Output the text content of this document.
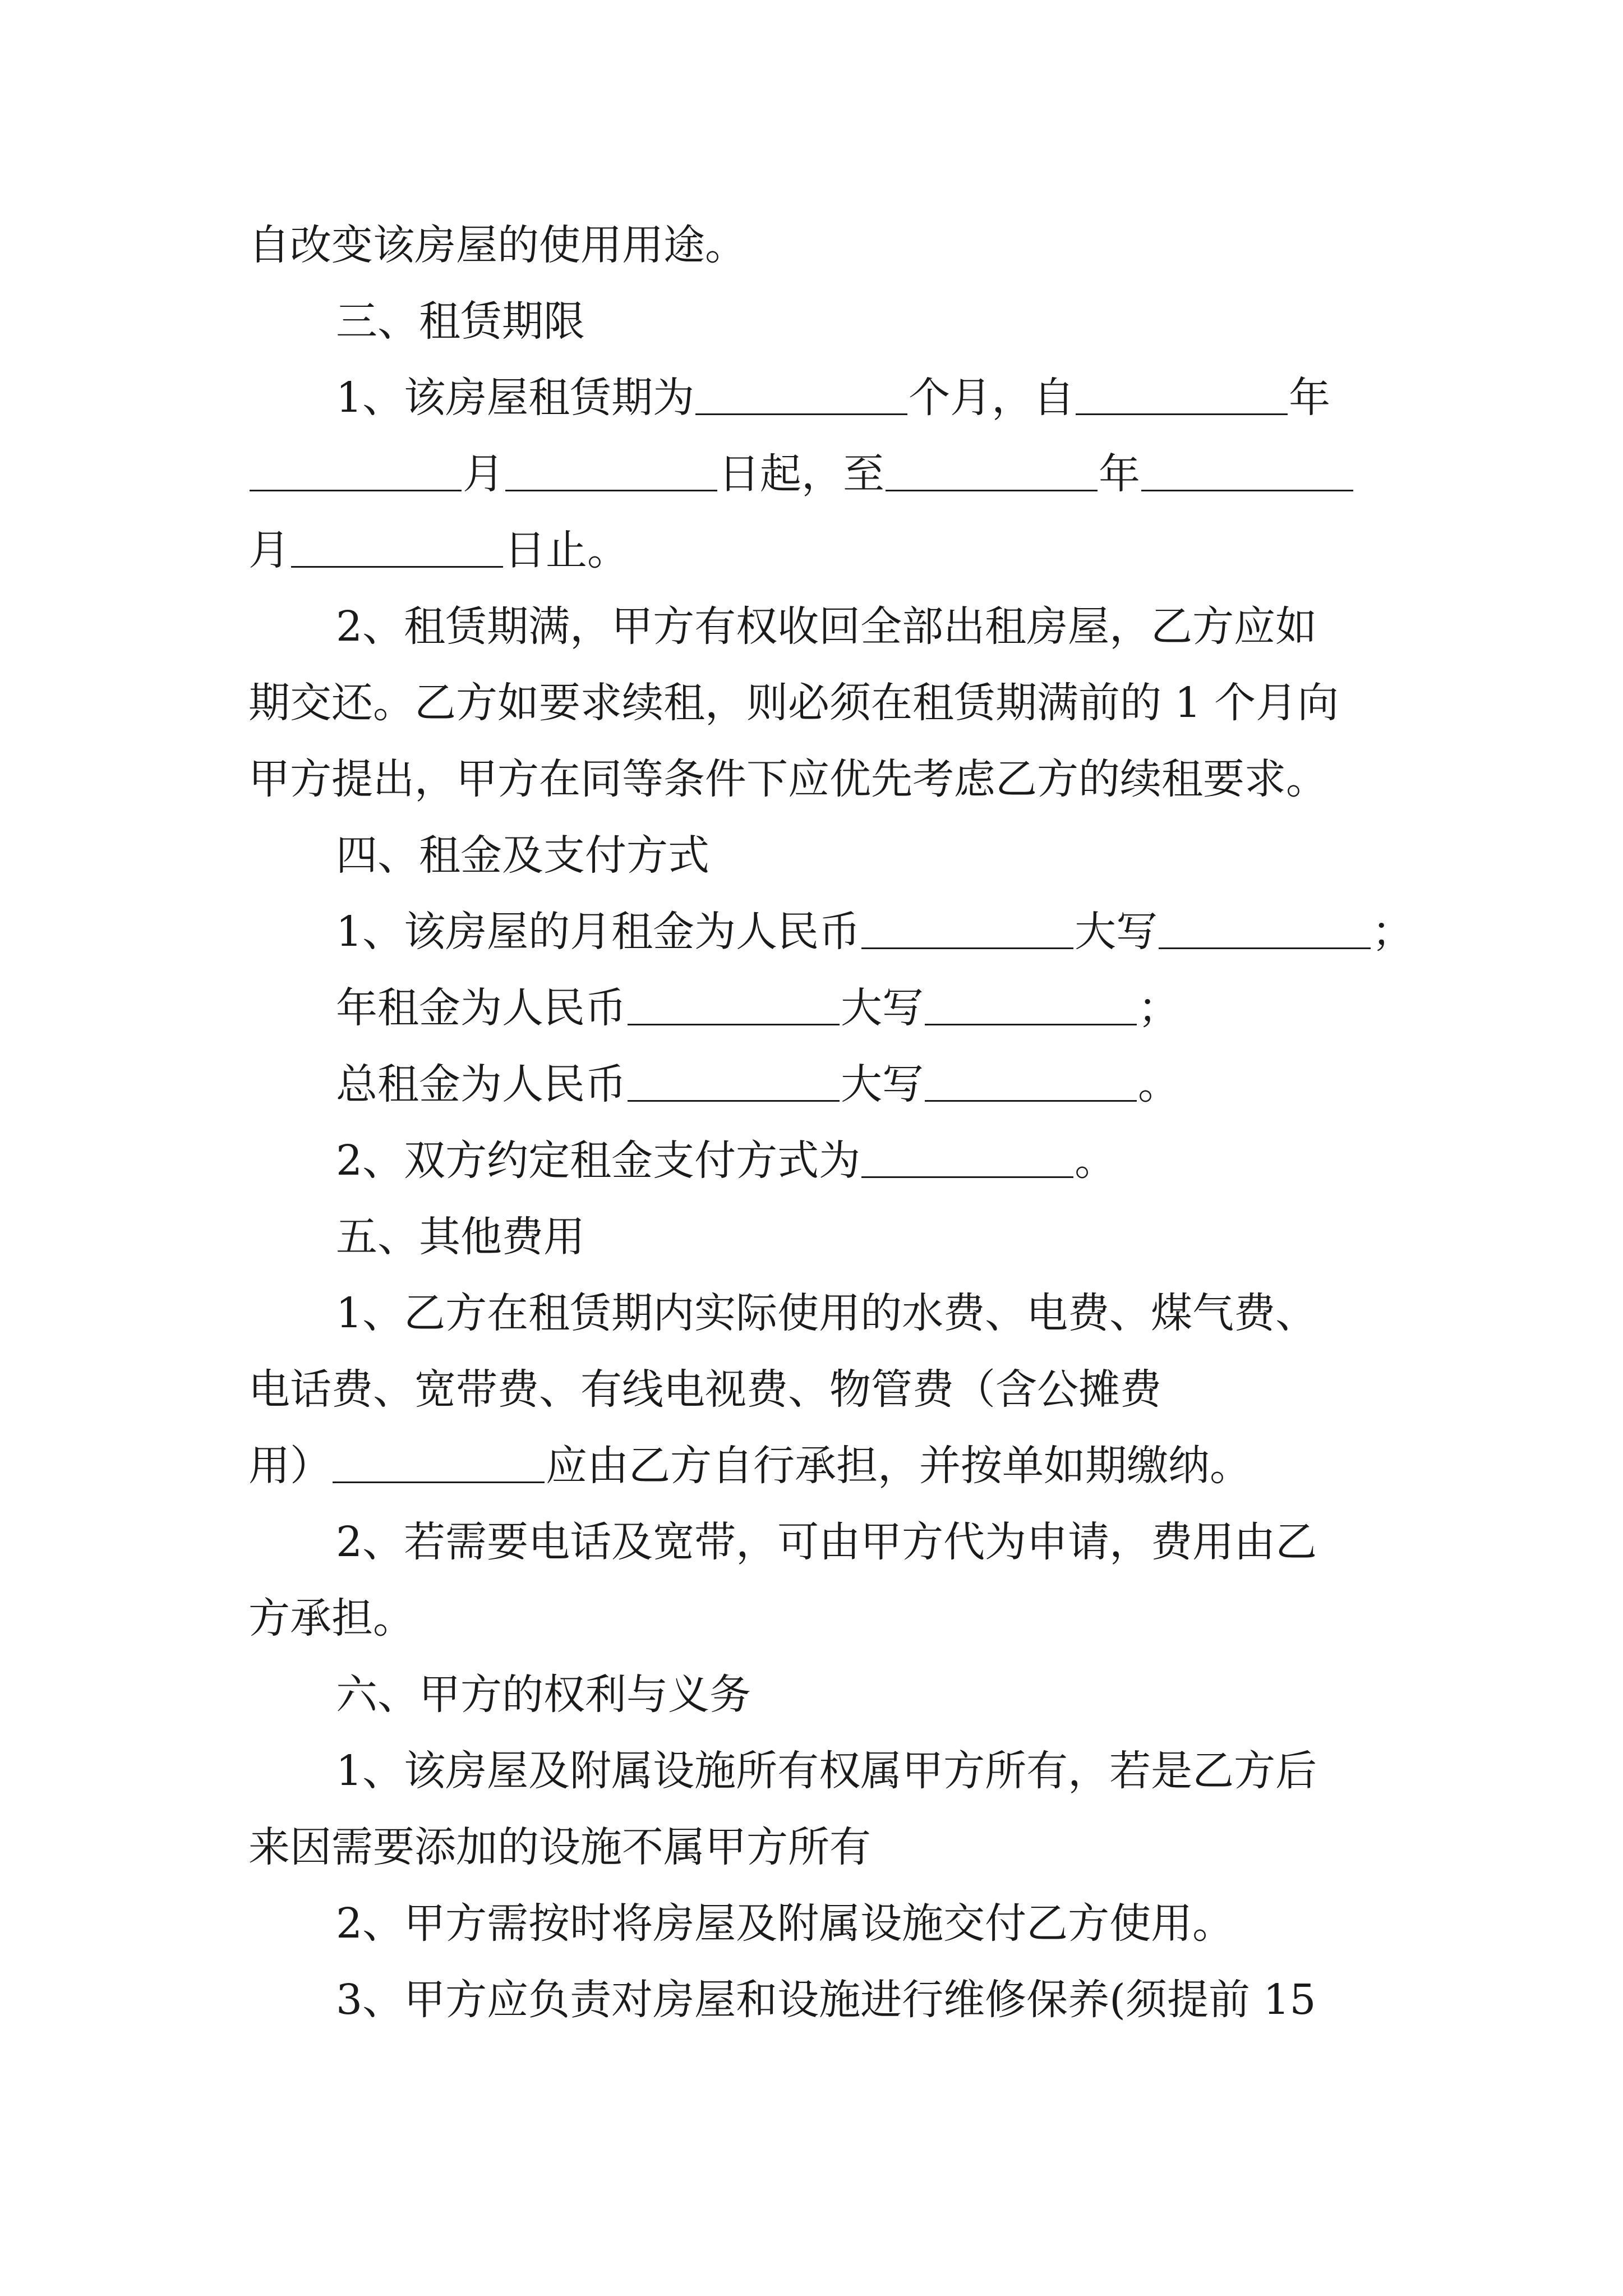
自改变该房屋的使用用途。
三、租赁期限
1、该房屋租赁期为	个月，自	年
月	日起，至	年
月	日止。
2、租赁期满，甲方有权收回全部出租房屋，乙方应如
期交还。乙方如要求续租，则必须在租赁期满前的 1 个月向
甲方提出，甲方在同等条件下应优先考虑乙方的续租要求。
四、租金及支付方式
1、该房屋的月租金为人民币	大写	；
年租金为人民币	大写	；
总租金为人民币	大写	。
2、双方约定租金支付方式为	。
五、其他费用
1、乙方在租赁期内实际使用的水费、电费、煤气费、
电话费、宽带费、有线电视费、物管费（含公摊费
用）	应由乙方自行承担，并按单如期缴纳。
2、若需要电话及宽带，可由甲方代为申请，费用由乙
方承担。
六、甲方的权利与义务
1、该房屋及附属设施所有权属甲方所有，若是乙方后
来因需要添加的设施不属甲方所有
2、甲方需按时将房屋及附属设施交付乙方使用。
3、甲方应负责对房屋和设施进行维修保养(须提前 15
